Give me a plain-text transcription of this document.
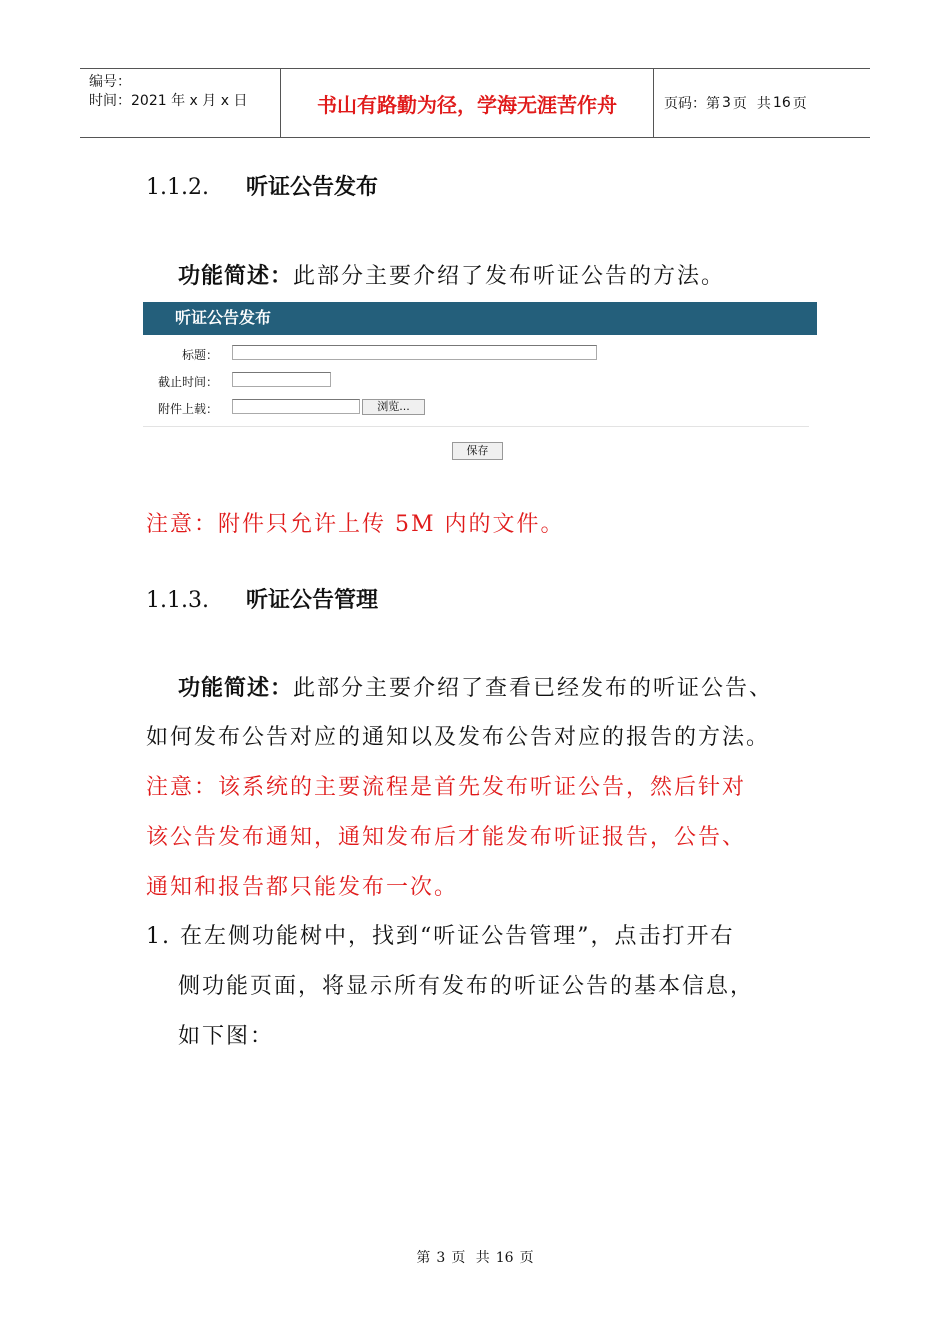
编号：
时间：2021 年 x 月 x 日	书山有路勤为径，学海无涯苦作舟	页码：第 3 页 共 16 页
1.1.2. 听证公告发布
功能简述：此部分主要介绍了发布听证公告的方法。
听证公告发布
标题：
截止时间：
附件上载：	浏览...
保存
注意：附件只允许上传 5M 内的文件。
1.1.3. 听证公告管理
功能简述：此部分主要介绍了查看已经发布的听证公告、
如何发布公告对应的通知以及发布公告对应的报告的方法。
注意：该系统的主要流程是首先发布听证公告，然后针对
该公告发布通知，通知发布后才能发布听证报告，公告、
通知和报告都只能发布一次。
1. 在左侧功能树中，找到“听证公告管理”，点击打开右
侧功能页面，将显示所有发布的听证公告的基本信息，
如下图：
第 3 页 共 16 页
